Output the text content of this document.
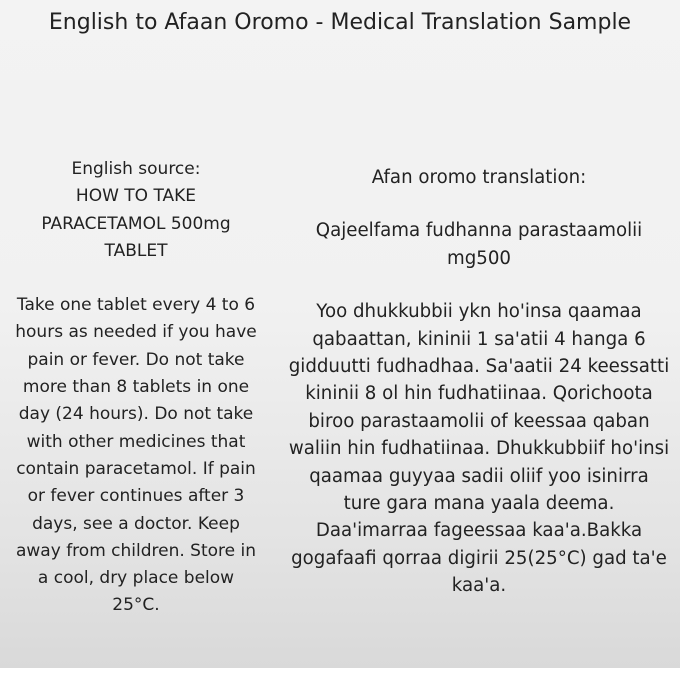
English to Afaan Oromo - Medical Translation Sample

English source:

HOW TO TAKE

PARACETAMOL 500mg

TABLET

Take one tablet every 4 to 6 hours as needed if you have pain or fever. Do not take more than 8 tablets in one day (24 hours). Do not take with other medicines that contain paracetamol. If pain or fever continues after 3 days, see a doctor. Keep away from children. Store in a cool, dry place below 25°C.

Afan oromo translation:

Qajeelfama fudhanna parastaamolii mg500

Yoo dhukkubbii ykn ho'insa qaamaa qabaattan, kininii 1 sa'atii 4 hanga 6 gidduutti fudhadhaa. Sa'aatii 24 keessatti kininii 8 ol hin fudhatiinaa. Qorichoota biroo parastaamolii of keessaa qaban waliin hin fudhatiinaa. Dhukkubbiif ho'insi qaamaa guyyaa sadii oliif yoo isinirra ture gara mana yaala deema.

Daa'imarraa fageessaa kaa'a.Bakka gogafaafi qorraa digirii 25(25°C) gad ta'e kaa'a.
